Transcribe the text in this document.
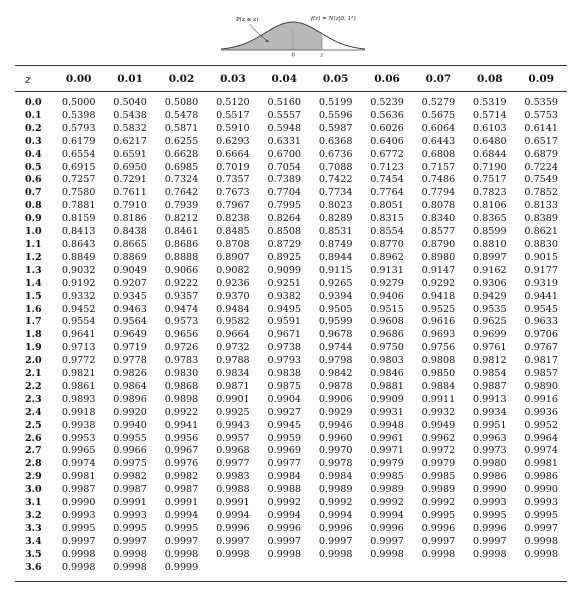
P(z ≤ z)	f(z) = N(z|0, 1²)
0	z
z	0.00	0.01	0.02	0.03	0.04	0.05	0.06	0.07	0.08	0.09
0.0	0.5000	0.5040	0.5080	0.5120	0.5160	0.5199	0.5239	0.5279	0.5319	0.5359
0.1	0.5398	0.5438	0.5478	0.5517	0.5557	0.5596	0.5636	0.5675	0.5714	0.5753
0.2	0.5793	0.5832	0.5871	0.5910	0.5948	0.5987	0.6026	0.6064	0.6103	0.6141
0.3	0.6179	0.6217	0.6255	0.6293	0.6331	0.6368	0.6406	0.6443	0.6480	0.6517
0.4	0.6554	0.6591	0.6628	0.6664	0.6700	0.6736	0.6772	0.6808	0.6844	0.6879
0.5	0.6915	0.6950	0.6985	0.7019	0.7054	0.7088	0.7123	0.7157	0.7190	0.7224
0.6	0.7257	0.7291	0.7324	0.7357	0.7389	0.7422	0.7454	0.7486	0.7517	0.7549
0.7	0.7580	0.7611	0.7642	0.7673	0.7704	0.7734	0.7764	0.7794	0.7823	0.7852
0.8	0.7881	0.7910	0.7939	0.7967	0.7995	0.8023	0.8051	0.8078	0.8106	0.8133
0.9	0.8159	0.8186	0.8212	0.8238	0.8264	0.8289	0.8315	0.8340	0.8365	0.8389
1.0	0.8413	0.8438	0.8461	0.8485	0.8508	0.8531	0.8554	0.8577	0.8599	0.8621
1.1	0.8643	0.8665	0.8686	0.8708	0.8729	0.8749	0.8770	0.8790	0.8810	0.8830
1.2	0.8849	0.8869	0.8888	0.8907	0.8925	0.8944	0.8962	0.8980	0.8997	0.9015
1.3	0.9032	0.9049	0.9066	0.9082	0.9099	0.9115	0.9131	0.9147	0.9162	0.9177
1.4	0.9192	0.9207	0.9222	0.9236	0.9251	0.9265	0.9279	0.9292	0.9306	0.9319
1.5	0.9332	0.9345	0.9357	0.9370	0.9382	0.9394	0.9406	0.9418	0.9429	0.9441
1.6	0.9452	0.9463	0.9474	0.9484	0.9495	0.9505	0.9515	0.9525	0.9535	0.9545
1.7	0.9554	0.9564	0.9573	0.9582	0.9591	0.9599	0.9608	0.9616	0.9625	0.9633
1.8	0.9641	0.9649	0.9656	0.9664	0.9671	0.9678	0.9686	0.9693	0.9699	0.9706
1.9	0.9713	0.9719	0.9726	0.9732	0.9738	0.9744	0.9750	0.9756	0.9761	0.9767
2.0	0.9772	0.9778	0.9783	0.9788	0.9793	0.9798	0.9803	0.9808	0.9812	0.9817
2.1	0.9821	0.9826	0.9830	0.9834	0.9838	0.9842	0.9846	0.9850	0.9854	0.9857
2.2	0.9861	0.9864	0.9868	0.9871	0.9875	0.9878	0.9881	0.9884	0.9887	0.9890
2.3	0.9893	0.9896	0.9898	0.9901	0.9904	0.9906	0.9909	0.9911	0.9913	0.9916
2.4	0.9918	0.9920	0.9922	0.9925	0.9927	0.9929	0.9931	0.9932	0.9934	0.9936
2.5	0.9938	0.9940	0.9941	0.9943	0.9945	0.9946	0.9948	0.9949	0.9951	0.9952
2.6	0.9953	0.9955	0.9956	0.9957	0.9959	0.9960	0.9961	0.9962	0.9963	0.9964
2.7	0.9965	0.9966	0.9967	0.9968	0.9969	0.9970	0.9971	0.9972	0.9973	0.9974
2.8	0.9974	0.9975	0.9976	0.9977	0.9977	0.9978	0.9979	0.9979	0.9980	0.9981
2.9	0.9981	0.9982	0.9982	0.9983	0.9984	0.9984	0.9985	0.9985	0.9986	0.9986
3.0	0.9987	0.9987	0.9987	0.9988	0.9988	0.9989	0.9989	0.9989	0.9990	0.9990
3.1	0.9990	0.9991	0.9991	0.9991	0.9992	0.9992	0.9992	0.9992	0.9993	0.9993
3.2	0.9993	0.9993	0.9994	0.9994	0.9994	0.9994	0.9994	0.9995	0.9995	0.9995
3.3	0.9995	0.9995	0.9995	0.9996	0.9996	0.9996	0.9996	0.9996	0.9996	0.9997
3.4	0.9997	0.9997	0.9997	0.9997	0.9997	0.9997	0.9997	0.9997	0.9997	0.9998
3.5	0.9998	0.9998	0.9998	0.9998	0.9998	0.9998	0.9998	0.9998	0.9998	0.9998
3.6	0.9998	0.9998	0.9999
